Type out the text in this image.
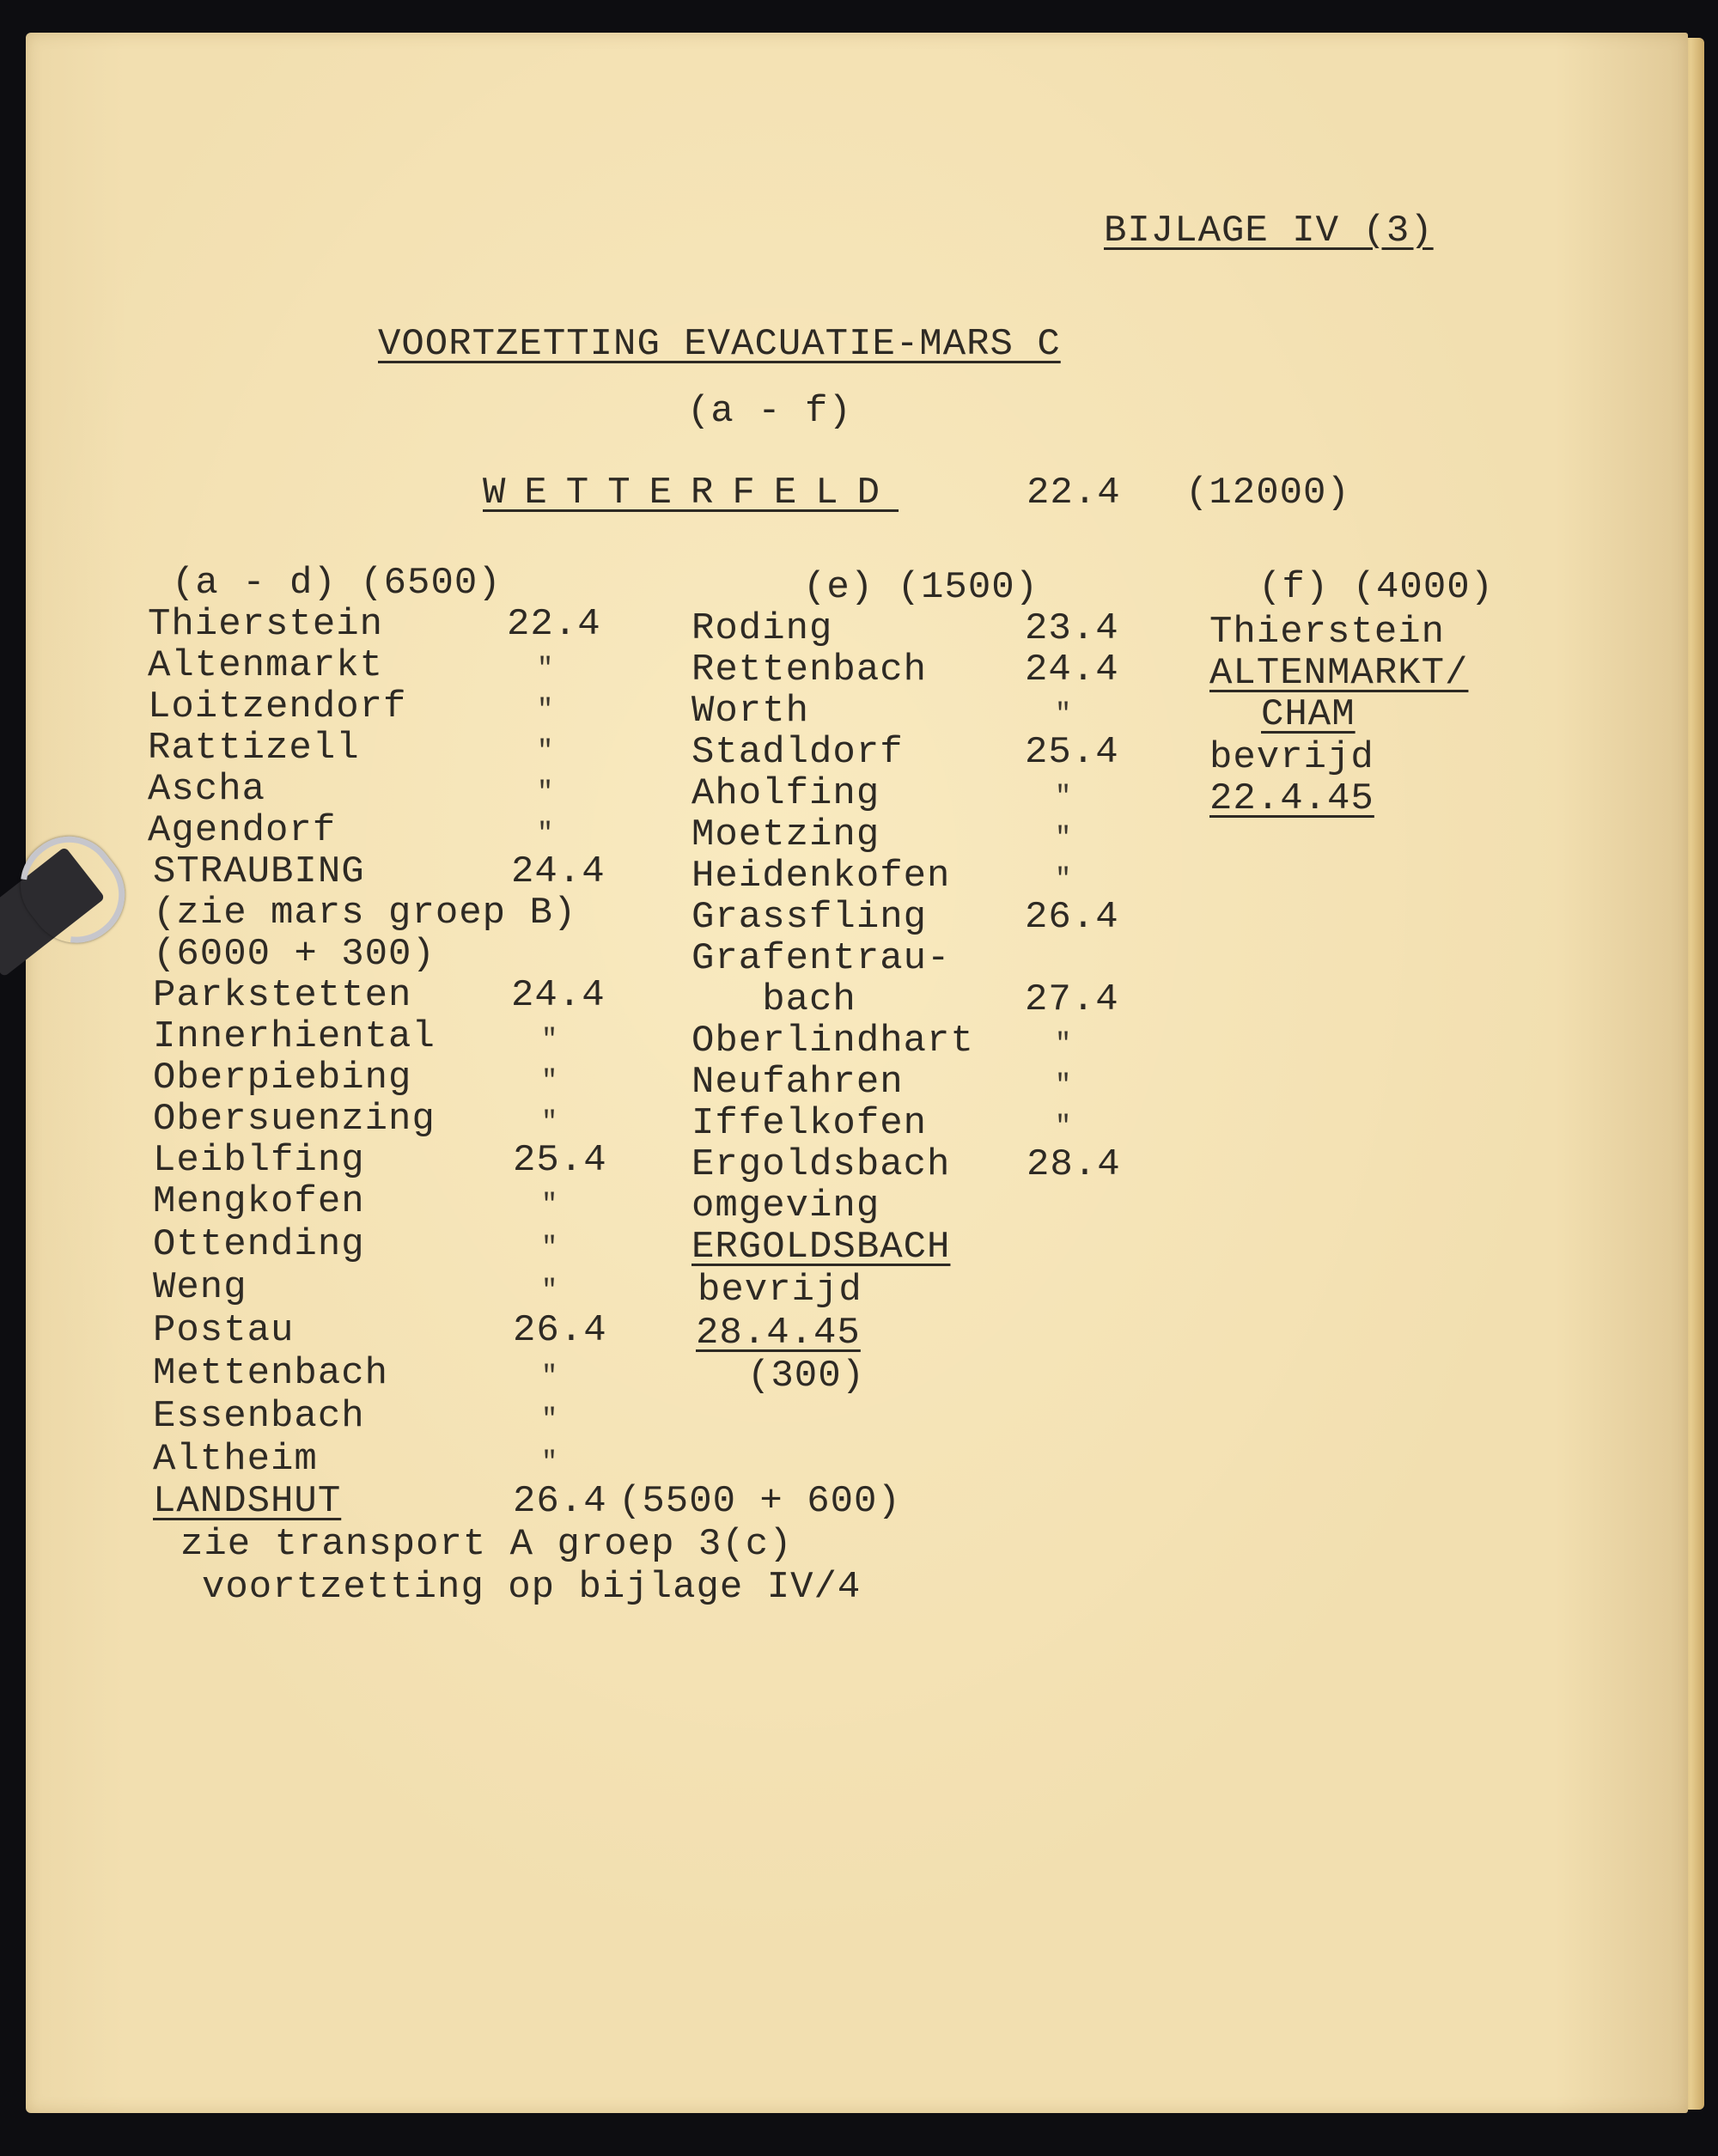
BIJLAGE IV (3)
VOORTZETTING EVACUATIE-MARS C
(a - f)
WETTERFELD	22.4 (12000)
(a - d) (6500)	(e) (1500)	(f) (4000)
Thierstein	22.4
Altenmarkt	"
Loitzendorf	"
Rattizell	"
Ascha	"
Agendorf	"
STRAUBING	24.4
(zie mars groep B)
(6000 + 300)
Parkstetten	24.4
Innerhiental	"
Oberpiebing	"
Obersuenzing	"
Leiblfing	25.4
Mengkofen	"
Ottending	"
Weng	"
Postau	26.4
Mettenbach	"
Essenbach	"
Altheim	"
LANDSHUT	26.4 (5500 + 600)
zie transport A groep 3(c)
voortzetting op bijlage IV/4
Roding	23.4
Rettenbach	24.4
Worth	"
Stadldorf	25.4
Aholfing	"
Moetzing	"
Heidenkofen	"
Grassfling	26.4
Grafentrau-
bach	27.4
Oberlindhart	"
Neufahren	"
Iffelkofen	"
Ergoldsbach 28.4
omgeving
ERGOLDSBACH
bevrijd
28.4.45
(300)
Thierstein
ALTENMARKT/
CHAM
bevrijd
22.4.45
